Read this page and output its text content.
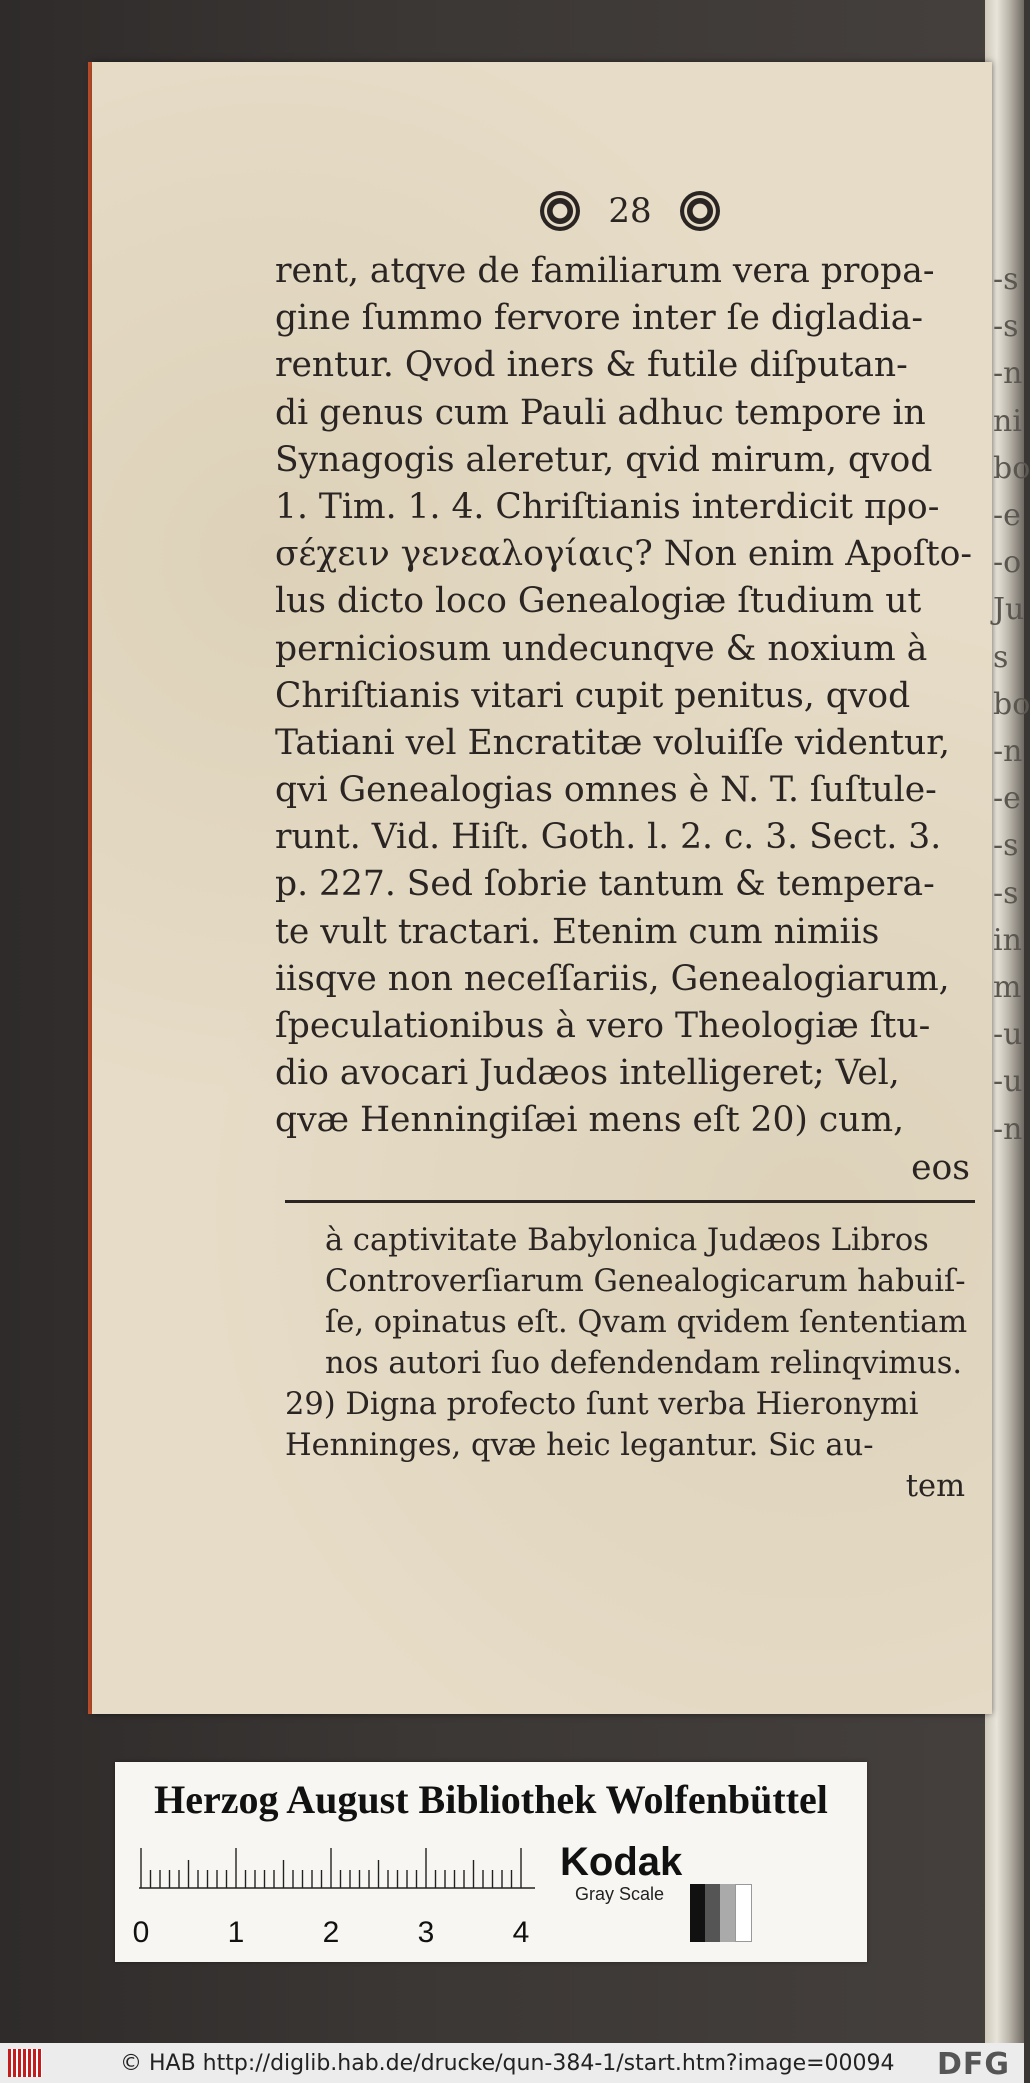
28
rent, atqve de familiarum vera propa-
gine ſummo fervore inter ſe digladia-
rentur. Qvod iners & futile diſputan-
di genus cum Pauli adhuc tempore in
Synagogis aleretur, qvid mirum, qvod
1. Tim. 1. 4. Chriſtianis interdicit προ-
σέχειν γενεαλογίαις? Non enim Apoſto-
lus dicto loco Genealogiæ ſtudium ut
perniciosum undecunqve & noxium à
Chriſtianis vitari cupit penitus, qvod
Tatiani vel Encratitæ voluiſſe videntur,
qvi Genealogias omnes è N. T. ſuſtule-
runt. Vid. Hiſt. Goth. l. 2. c. 3. Sect. 3.
p. 227. Sed ſobrie tantum & tempera-
te vult tractari. Etenim cum nimiis
iisqve non neceſſariis, Genealogiarum,
ſpeculationibus à vero Theologiæ ſtu-
dio avocari Judæos intelligeret; Vel,
qvæ Henningiſæi mens eſt 20) cum,
eos
à captivitate Babylonica Judæos Libros
Controverſiarum Genealogicarum habuiſ-
ſe, opinatus eſt. Qvam qvidem ſententiam
nos autori ſuo defendendam relinqvimus.
29) Digna profecto ſunt verba Hieronymi
Henninges, qvæ heic legantur. Sic au-
tem
-s
-s
-n
ni
bo
-e
-o
Ju
s
bo
-n
-e
-s
-s
in
m
-u
-u
-n
Herzog August Bibliothek Wolfenbüttel
0	1	2	3	4
Kodak
Gray Scale
© HAB http://diglib.hab.de/drucke/qun-384-1/start.htm?image=00094 DFG
